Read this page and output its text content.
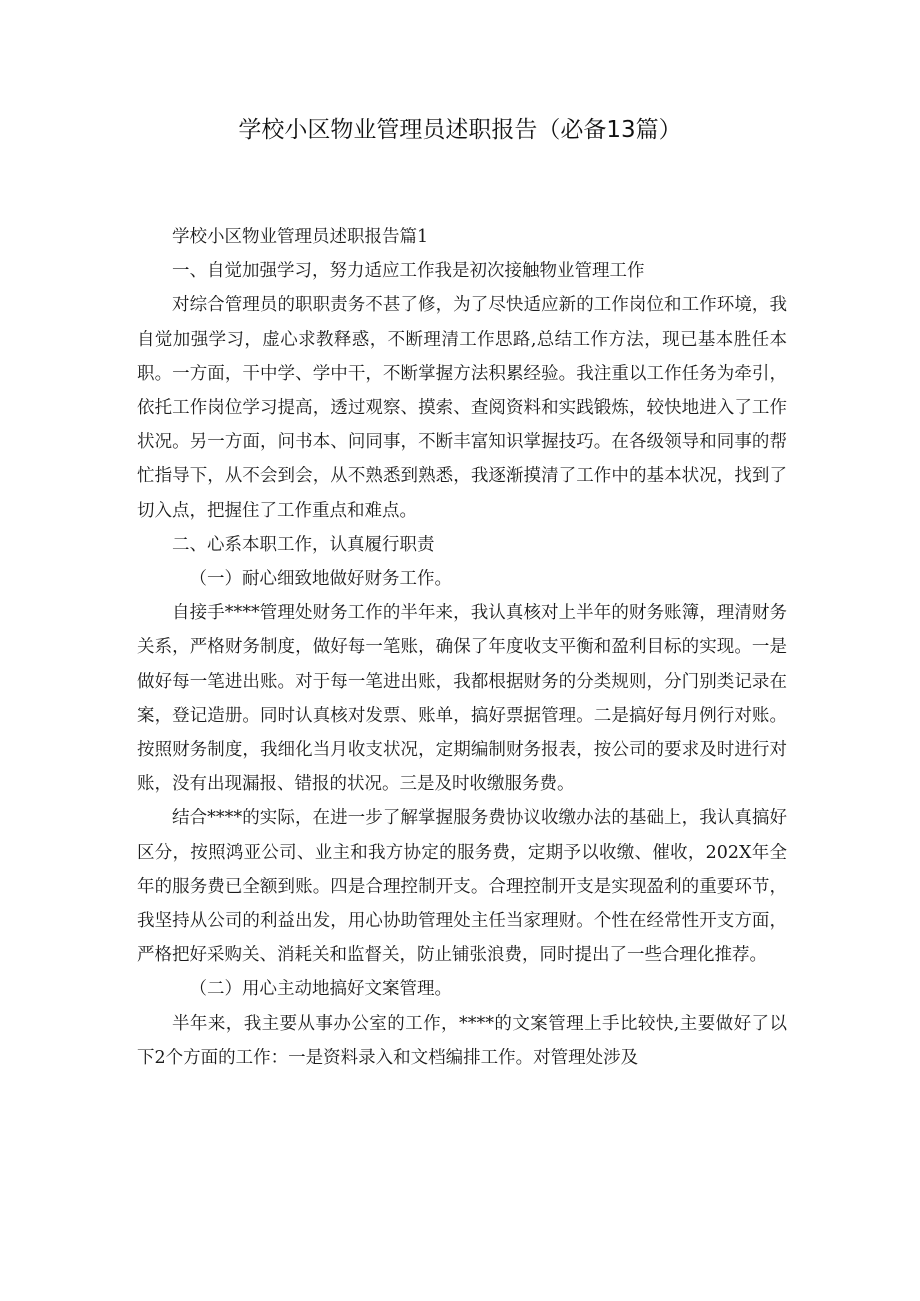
学校小区物业管理员述职报告（必备13篇）

学校小区物业管理员述职报告篇1

一、自觉加强学习，努力适应工作我是初次接触物业管理工作

对综合管理员的职职责务不甚了修，为了尽快适应新的工作岗位和工作环境，我自觉加强学习，虚心求教释惑，不断理清工作思路,总结工作方法，现已基本胜任本职。一方面，干中学、学中干，不断掌握方法积累经验。我注重以工作任务为牵引，依托工作岗位学习提高，透过观察、摸索、查阅资料和实践锻炼，较快地进入了工作状况。另一方面，问书本、问同事，不断丰富知识掌握技巧。在各级领导和同事的帮忙指导下，从不会到会，从不熟悉到熟悉，我逐渐摸清了工作中的基本状况，找到了切入点，把握住了工作重点和难点。

二、心系本职工作，认真履行职责

（一）耐心细致地做好财务工作。

自接手****管理处财务工作的半年来，我认真核对上半年的财务账簿，理清财务关系，严格财务制度，做好每一笔账，确保了年度收支平衡和盈利目标的实现。一是做好每一笔进出账。对于每一笔进出账，我都根据财务的分类规则，分门别类记录在案，登记造册。同时认真核对发票、账单，搞好票据管理。二是搞好每月例行对账。按照财务制度，我细化当月收支状况，定期编制财务报表，按公司的要求及时进行对账，没有出现漏报、错报的状况。三是及时收缴服务费。

结合****的实际，在进一步了解掌握服务费协议收缴办法的基础上，我认真搞好区分，按照鸿亚公司、业主和我方协定的服务费，定期予以收缴、催收，202X年全年的服务费已全额到账。四是合理控制开支。合理控制开支是实现盈利的重要环节，我坚持从公司的利益出发，用心协助管理处主任当家理财。个性在经常性开支方面，严格把好采购关、消耗关和监督关，防止铺张浪费，同时提出了一些合理化推荐。

（二）用心主动地搞好文案管理。

半年来，我主要从事办公室的工作，****的文案管理上手比较快,主要做好了以下2个方面的工作：一是资料录入和文档编排工作。对管理处涉及
